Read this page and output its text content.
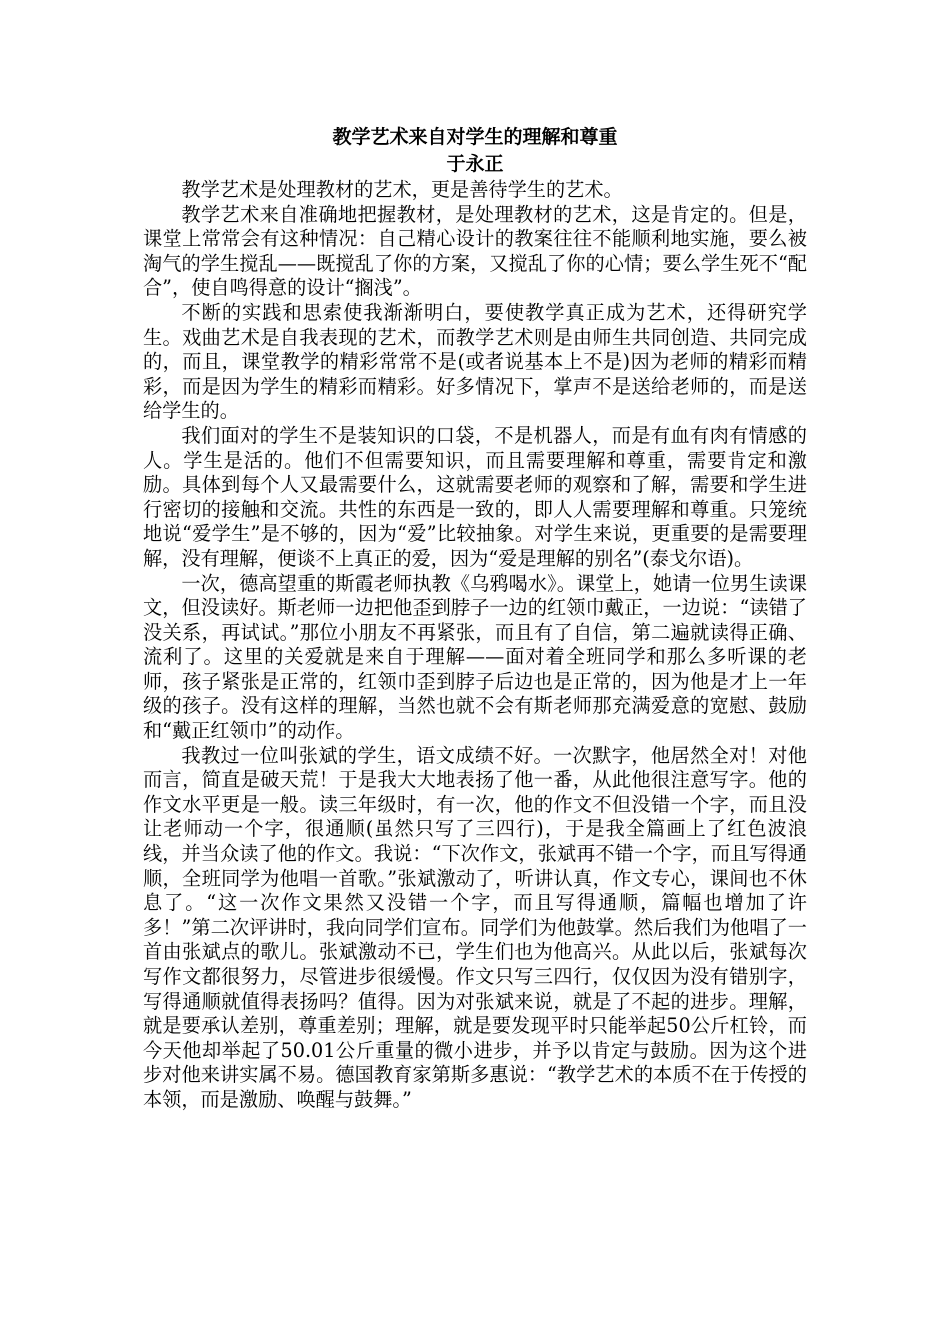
教学艺术来自对学生的理解和尊重
于永正

教学艺术是处理教材的艺术，更是善待学生的艺术。

教学艺术来自准确地把握教材，是处理教材的艺术，这是肯定的。但是，课堂上常常会有这种情况：自己精心设计的教案往往不能顺利地实施，要么被淘气的学生搅乱——既搅乱了你的方案，又搅乱了你的心情；要么学生死不“配合”，使自鸣得意的设计“搁浅”。

不断的实践和思索使我渐渐明白，要使教学真正成为艺术，还得研究学生。戏曲艺术是自我表现的艺术，而教学艺术则是由师生共同创造、共同完成的，而且，课堂教学的精彩常常不是(或者说基本上不是)因为老师的精彩而精彩，而是因为学生的精彩而精彩。好多情况下，掌声不是送给老师的，而是送给学生的。

我们面对的学生不是装知识的口袋，不是机器人，而是有血有肉有情感的人。学生是活的。他们不但需要知识，而且需要理解和尊重，需要肯定和激励。具体到每个人又最需要什么，这就需要老师的观察和了解，需要和学生进行密切的接触和交流。共性的东西是一致的，即人人需要理解和尊重。只笼统地说“爱学生”是不够的，因为“爱”比较抽象。对学生来说，更重要的是需要理解，没有理解，便谈不上真正的爱，因为“爱是理解的别名”(泰戈尔语)。

一次，德高望重的斯霞老师执教《乌鸦喝水》。课堂上，她请一位男生读课文，但没读好。斯老师一边把他歪到脖子一边的红领巾戴正，一边说：“读错了没关系，再试试。”那位小朋友不再紧张，而且有了自信，第二遍就读得正确、流利了。这里的关爱就是来自于理解——面对着全班同学和那么多听课的老师，孩子紧张是正常的，红领巾歪到脖子后边也是正常的，因为他是才上一年级的孩子。没有这样的理解，当然也就不会有斯老师那充满爱意的宽慰、鼓励和“戴正红领巾”的动作。

我教过一位叫张斌的学生，语文成绩不好。一次默字，他居然全对！对他而言，简直是破天荒！于是我大大地表扬了他一番，从此他很注意写字。他的作文水平更是一般。读三年级时，有一次，他的作文不但没错一个字，而且没让老师动一个字，很通顺(虽然只写了三四行)，于是我全篇画上了红色波浪线，并当众读了他的作文。我说：“下次作文，张斌再不错一个字，而且写得通顺，全班同学为他唱一首歌。”张斌激动了，听讲认真，作文专心，课间也不休息了。“这一次作文果然又没错一个字，而且写得通顺，篇幅也增加了许多！”第二次评讲时，我向同学们宣布。同学们为他鼓掌。然后我们为他唱了一首由张斌点的歌儿。张斌激动不已，学生们也为他高兴。从此以后，张斌每次写作文都很努力，尽管进步很缓慢。作文只写三四行，仅仅因为没有错别字，写得通顺就值得表扬吗？值得。因为对张斌来说，就是了不起的进步。理解，就是要承认差别，尊重差别；理解，就是要发现平时只能举起50公斤杠铃，而今天他却举起了50.01公斤重量的微小进步，并予以肯定与鼓励。因为这个进步对他来讲实属不易。德国教育家第斯多惠说：“教学艺术的本质不在于传授的本领，而是激励、唤醒与鼓舞。”
